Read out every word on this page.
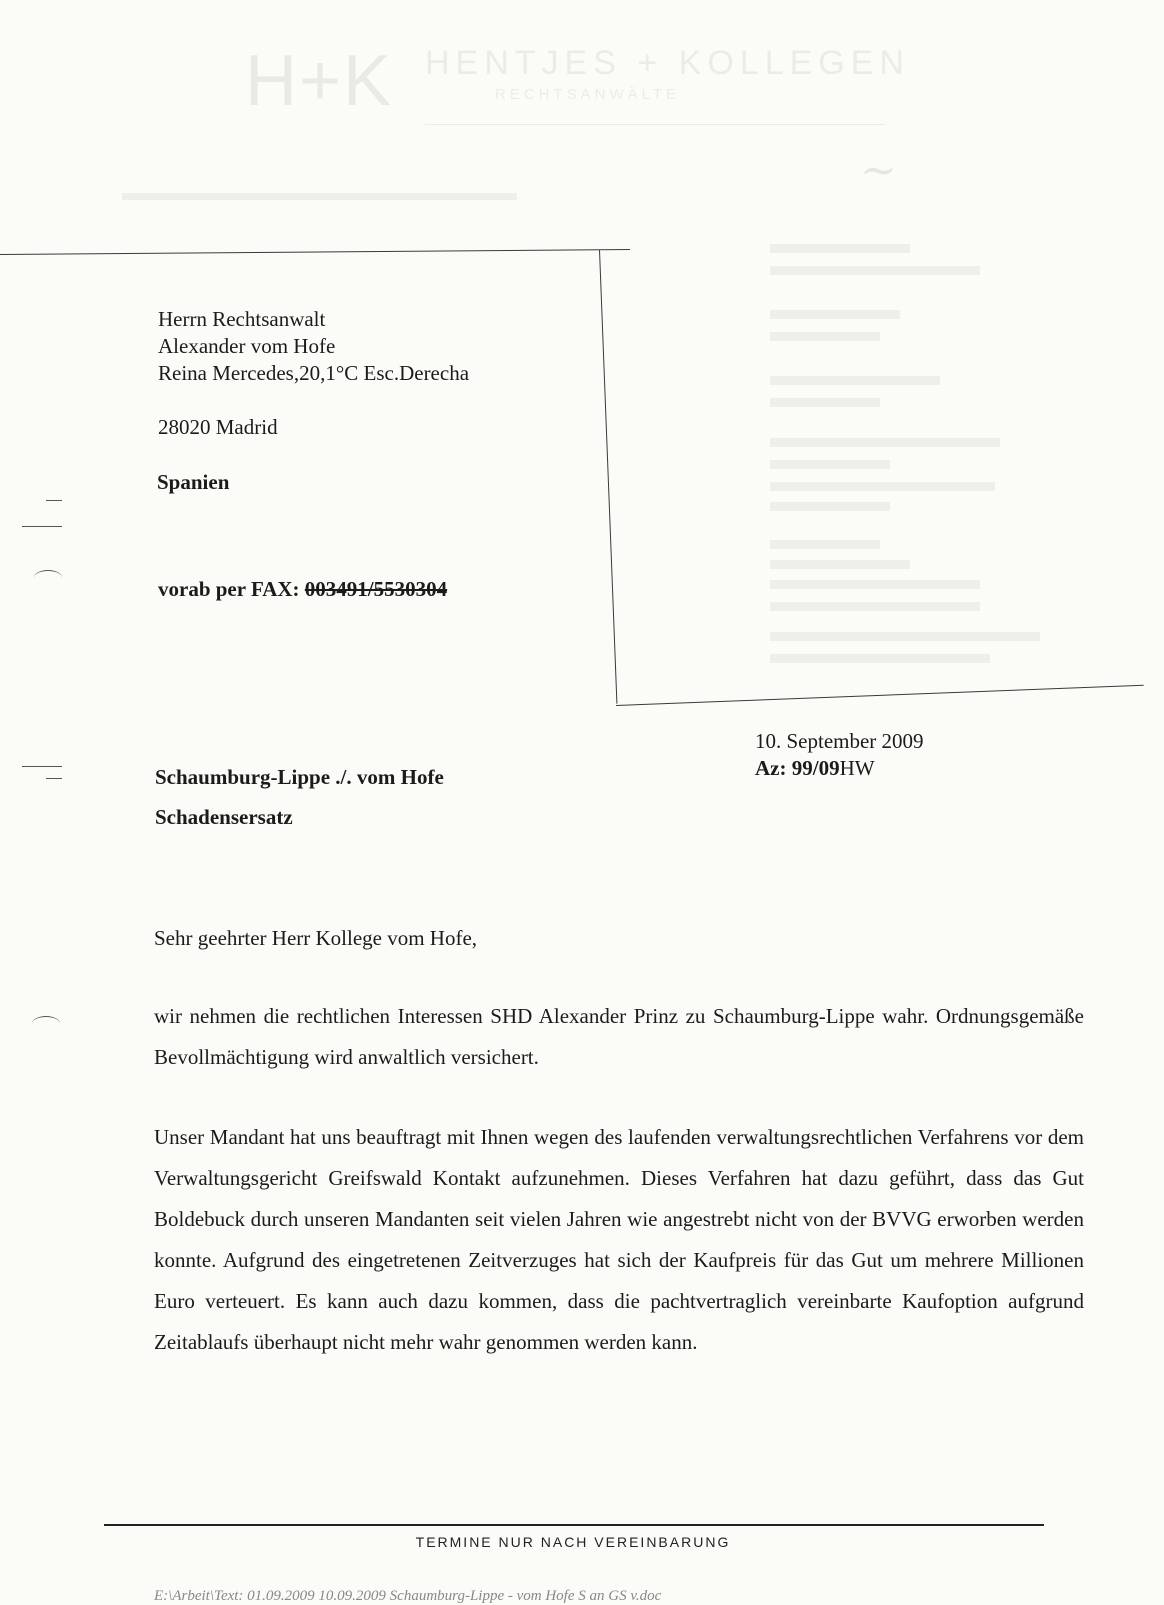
H+K HENTJES + KOLLEGEN
RECHTSANWÄLTE
~
Herrn Rechtsanwalt
Alexander vom Hofe
Reina Mercedes,20,1°C Esc.Derecha
28020 Madrid
Spanien
vorab per FAX: 003491/5530304
10. September 2009
Az: 99/09HW
Schaumburg-Lippe ./. vom Hofe
Schadensersatz
Sehr geehrter Herr Kollege vom Hofe,
wir nehmen die rechtlichen Interessen SHD Alexander Prinz zu Schaumburg-Lippe wahr. Ordnungsgemäße Bevollmächtigung wird anwaltlich versichert.
Unser Mandant hat uns beauftragt mit Ihnen wegen des laufenden verwaltungsrechtlichen Verfahrens vor dem Verwaltungsgericht Greifswald Kontakt aufzunehmen. Dieses Verfahren hat dazu geführt, dass das Gut Boldebuck durch unseren Mandanten seit vielen Jahren wie angestrebt nicht von der BVVG erworben werden konnte. Aufgrund des eingetretenen Zeitverzuges hat sich der Kaufpreis für das Gut um mehrere Millionen Euro verteuert. Es kann auch dazu kommen, dass die pachtvertraglich vereinbarte Kaufoption aufgrund Zeitablaufs überhaupt nicht mehr wahr genommen werden kann.
TERMINE NUR NACH VEREINBARUNG
E:\Arbeit\Text: 01.09.2009 10.09.2009 Schaumburg-Lippe - vom Hofe S an GS v.doc
